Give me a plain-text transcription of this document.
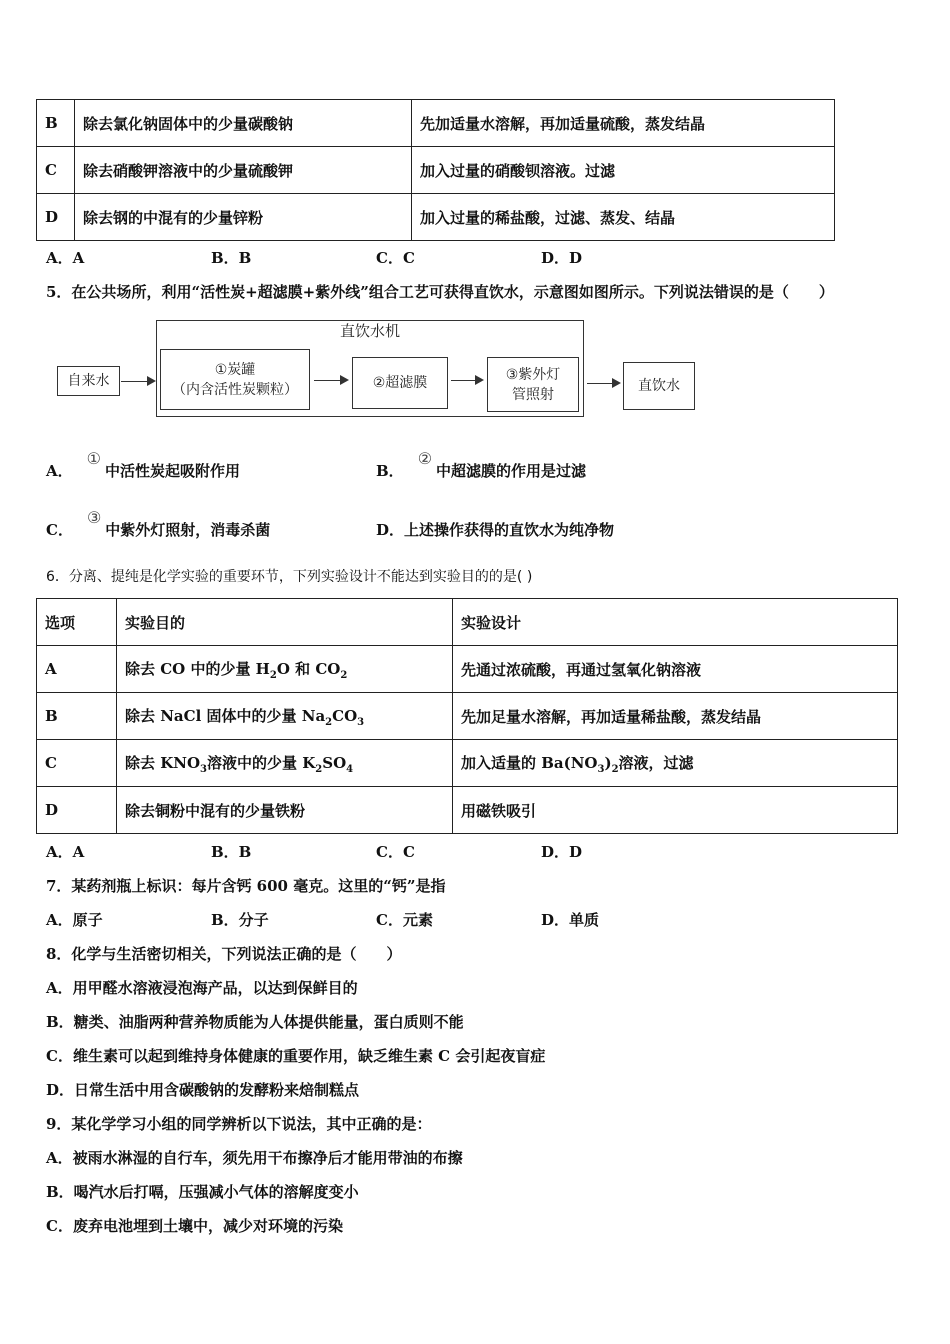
B	除去氯化钠固体中的少量碳酸钠	先加适量水溶解，再加适量硫酸，蒸发结晶
C	除去硝酸钾溶液中的少量硫酸钾	加入过量的硝酸钡溶液。过滤
D	除去钢的中混有的少量锌粉	加入过量的稀盐酸，过滤、蒸发、结晶
A．A	B．B	C．C	D．D
5．在公共场所，利用“活性炭+超滤膜+紫外线”组合工艺可获得直饮水，示意图如图所示。下列说法错误的是（　　）
自来水
直饮水机
①炭罐
（内含活性炭颗粒）	②超滤膜
③紫外灯
管照射
直饮水
A．①中活性炭起吸附作用	B．②中超滤膜的作用是过滤
C．③中紫外灯照射，消毒杀菌	D．上述操作获得的直饮水为纯净物
6．分离、提纯是化学实验的重要环节，下列实验设计不能达到实验目的的是( )
选项	实验目的	实验设计
A	除去 CO 中的少量 $H_2O$ 和 $CO_2$	先通过浓硫酸，再通过氢氧化钠溶液
B	除去 NaCl 固体中的少量 $Na_2CO_3$	先加足量水溶解，再加适量稀盐酸，蒸发结晶
C	除去 $KNO_3$溶液中的少量 $K_2SO_4$	加入适量的 $Ba(NO_3)_2$溶液，过滤
D	除去铜粉中混有的少量铁粉	用磁铁吸引
A．A	B．B	C．C	D．D
7．某药剂瓶上标识：每片含钙 600 毫克。这里的“钙”是指
A．原子	B．分子	C．元素	D．单质
8．化学与生活密切相关，下列说法正确的是（　　）
A．用甲醛水溶液浸泡海产品，以达到保鲜目的
B．糖类、油脂两种营养物质能为人体提供能量，蛋白质则不能
C．维生素可以起到维持身体健康的重要作用，缺乏维生素 C 会引起夜盲症
D．日常生活中用含碳酸钠的发酵粉来焙制糕点
9．某化学学习小组的同学辨析以下说法，其中正确的是：
A．被雨水淋湿的自行车，须先用干布擦净后才能用带油的布擦
B．喝汽水后打嗝，压强减小气体的溶解度变小
C．废弃电池埋到土壤中，减少对环境的污染
